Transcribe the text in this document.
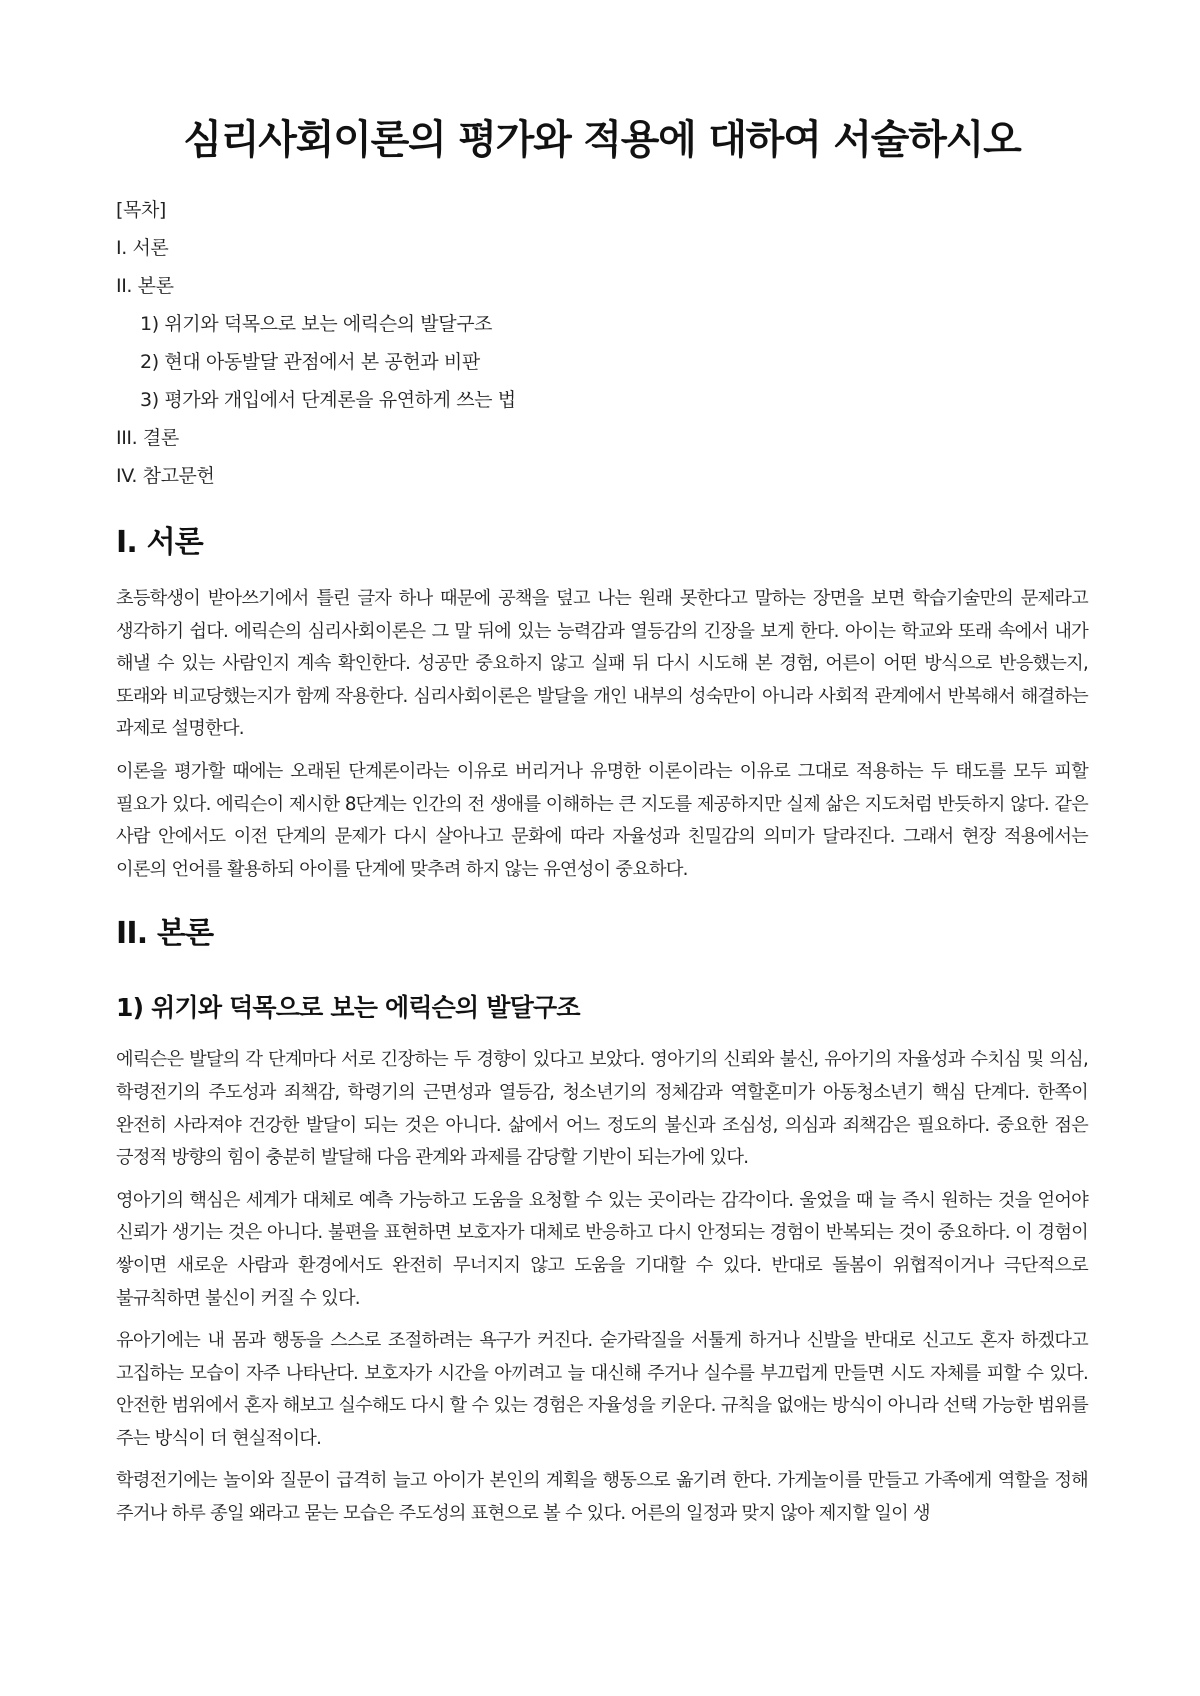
심리사회이론의 평가와 적용에 대하여 서술하시오
[목차]
I. 서론
II. 본론
1) 위기와 덕목으로 보는 에릭슨의 발달구조
2) 현대 아동발달 관점에서 본 공헌과 비판
3) 평가와 개입에서 단계론을 유연하게 쓰는 법
III. 결론
IV. 참고문헌
I. 서론

초등학생이 받아쓰기에서 틀린 글자 하나 때문에 공책을 덮고 나는 원래 못한다고 말하는 장면을 보면 학습기술만의 문제라고 생각하기 쉽다. 에릭슨의 심리사회이론은 그 말 뒤에 있는 능력감과 열등감의 긴장을 보게 한다. 아이는 학교와 또래 속에서 내가 해낼 수 있는 사람인지 계속 확인한다. 성공만 중요하지 않고 실패 뒤 다시 시도해 본 경험, 어른이 어떤 방식으로 반응했는지, 또래와 비교당했는지가 함께 작용한다. 심리사회이론은 발달을 개인 내부의 성숙만이 아니라 사회적 관계에서 반복해서 해결하는 과제로 설명한다.

이론을 평가할 때에는 오래된 단계론이라는 이유로 버리거나 유명한 이론이라는 이유로 그대로 적용하는 두 태도를 모두 피할 필요가 있다. 에릭슨이 제시한 8단계는 인간의 전 생애를 이해하는 큰 지도를 제공하지만 실제 삶은 지도처럼 반듯하지 않다. 같은 사람 안에서도 이전 단계의 문제가 다시 살아나고 문화에 따라 자율성과 친밀감의 의미가 달라진다. 그래서 현장 적용에서는 이론의 언어를 활용하되 아이를 단계에 맞추려 하지 않는 유연성이 중요하다.

II. 본론
1) 위기와 덕목으로 보는 에릭슨의 발달구조

에릭슨은 발달의 각 단계마다 서로 긴장하는 두 경향이 있다고 보았다. 영아기의 신뢰와 불신, 유아기의 자율성과 수치심 및 의심, 학령전기의 주도성과 죄책감, 학령기의 근면성과 열등감, 청소년기의 정체감과 역할혼미가 아동청소년기 핵심 단계다. 한쪽이 완전히 사라져야 건강한 발달이 되는 것은 아니다. 삶에서 어느 정도의 불신과 조심성, 의심과 죄책감은 필요하다. 중요한 점은 긍정적 방향의 힘이 충분히 발달해 다음 관계와 과제를 감당할 기반이 되는가에 있다.

영아기의 핵심은 세계가 대체로 예측 가능하고 도움을 요청할 수 있는 곳이라는 감각이다. 울었을 때 늘 즉시 원하는 것을 얻어야 신뢰가 생기는 것은 아니다. 불편을 표현하면 보호자가 대체로 반응하고 다시 안정되는 경험이 반복되는 것이 중요하다. 이 경험이 쌓이면 새로운 사람과 환경에서도 완전히 무너지지 않고 도움을 기대할 수 있다. 반대로 돌봄이 위협적이거나 극단적으로 불규칙하면 불신이 커질 수 있다.

유아기에는 내 몸과 행동을 스스로 조절하려는 욕구가 커진다. 숟가락질을 서툴게 하거나 신발을 반대로 신고도 혼자 하겠다고 고집하는 모습이 자주 나타난다. 보호자가 시간을 아끼려고 늘 대신해 주거나 실수를 부끄럽게 만들면 시도 자체를 피할 수 있다. 안전한 범위에서 혼자 해보고 실수해도 다시 할 수 있는 경험은 자율성을 키운다. 규칙을 없애는 방식이 아니라 선택 가능한 범위를 주는 방식이 더 현실적이다.

학령전기에는 놀이와 질문이 급격히 늘고 아이가 본인의 계획을 행동으로 옮기려 한다. 가게놀이를 만들고 가족에게 역할을 정해 주거나 하루 종일 왜라고 묻는 모습은 주도성의 표현으로 볼 수 있다. 어른의 일정과 맞지 않아 제지할 일이 생
